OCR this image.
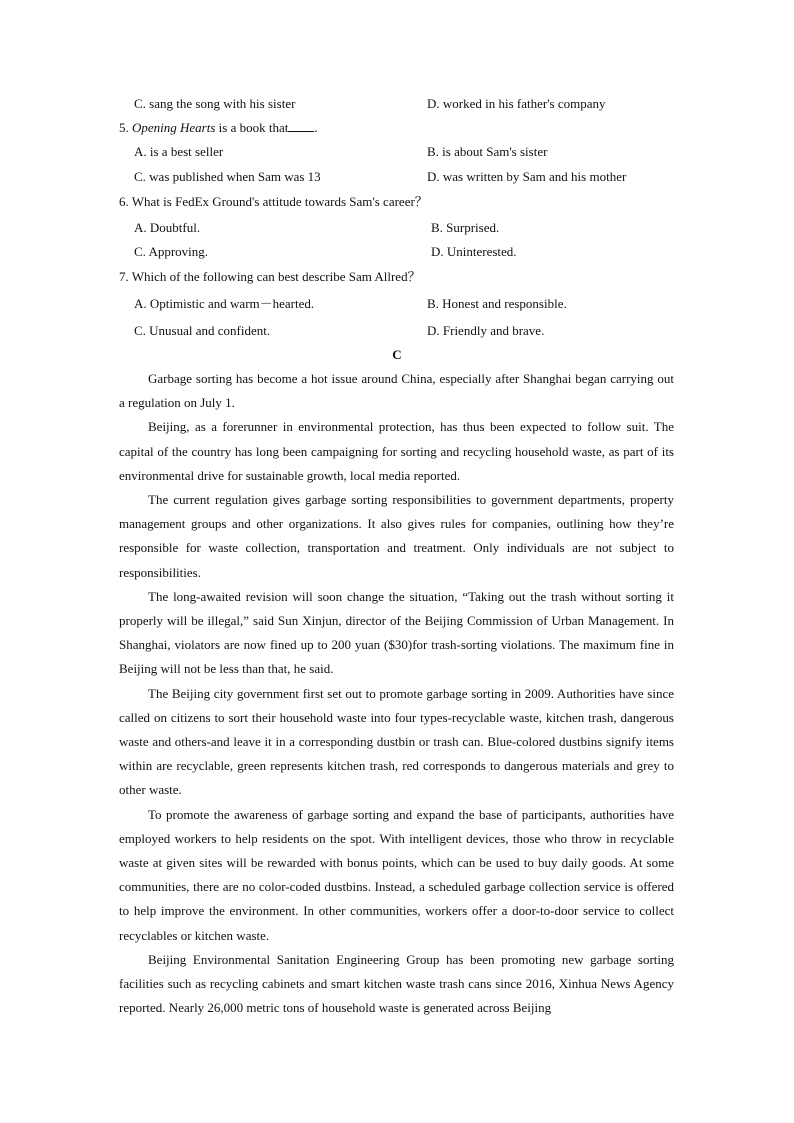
C. sang the song with his sister	D. worked in his father's company
5. Opening Hearts is a book that .
A. is a best seller	B. is about Sam's sister
C. was published when Sam was 13	D. was written by Sam and his mother
6. What is FedEx Ground's attitude towards Sam's career？
A. Doubtful.	B. Surprised.
C. Approving.	D. Uninterested.
7. Which of the following can best describe Sam Allred？
A. Optimistic and warm－hearted.	B. Honest and responsible.
C. Unusual and confident.	D. Friendly and brave.
C

Garbage sorting has become a hot issue around China, especially after Shanghai began carrying out a regulation on July 1.

Beijing, as a forerunner in environmental protection, has thus been expected to follow suit. The capital of the country has long been campaigning for sorting and recycling household waste, as part of its environmental drive for sustainable growth, local media reported.

The current regulation gives garbage sorting responsibilities to government departments, property management groups and other organizations. It also gives rules for companies, outlining how they’re responsible for waste collection, transportation and treatment. Only individuals are not subject to responsibilities.

The long-awaited revision will soon change the situation, “Taking out the trash without sorting it properly will be illegal,” said Sun Xinjun, director of the Beijing Commission of Urban Management. In Shanghai, violators are now fined up to 200 yuan ($30)for trash-sorting violations. The maximum fine in Beijing will not be less than that, he said.

The Beijing city government first set out to promote garbage sorting in 2009. Authorities have since called on citizens to sort their household waste into four types-recyclable waste, kitchen trash, dangerous waste and others-and leave it in a corresponding dustbin or trash can. Blue-colored dustbins signify items within are recyclable, green represents kitchen trash, red corresponds to dangerous materials and grey to other waste.

To promote the awareness of garbage sorting and expand the base of participants, authorities have employed workers to help residents on the spot. With intelligent devices, those who throw in recyclable waste at given sites will be rewarded with bonus points, which can be used to buy daily goods. At some communities, there are no color-coded dustbins. Instead, a scheduled garbage collection service is offered to help improve the environment. In other communities, workers offer a door-to-door service to collect recyclables or kitchen waste.

Beijing Environmental Sanitation Engineering Group has been promoting new garbage sorting facilities such as recycling cabinets and smart kitchen waste trash cans since 2016, Xinhua News Agency reported. Nearly 26,000 metric tons of household waste is generated across Beijing
